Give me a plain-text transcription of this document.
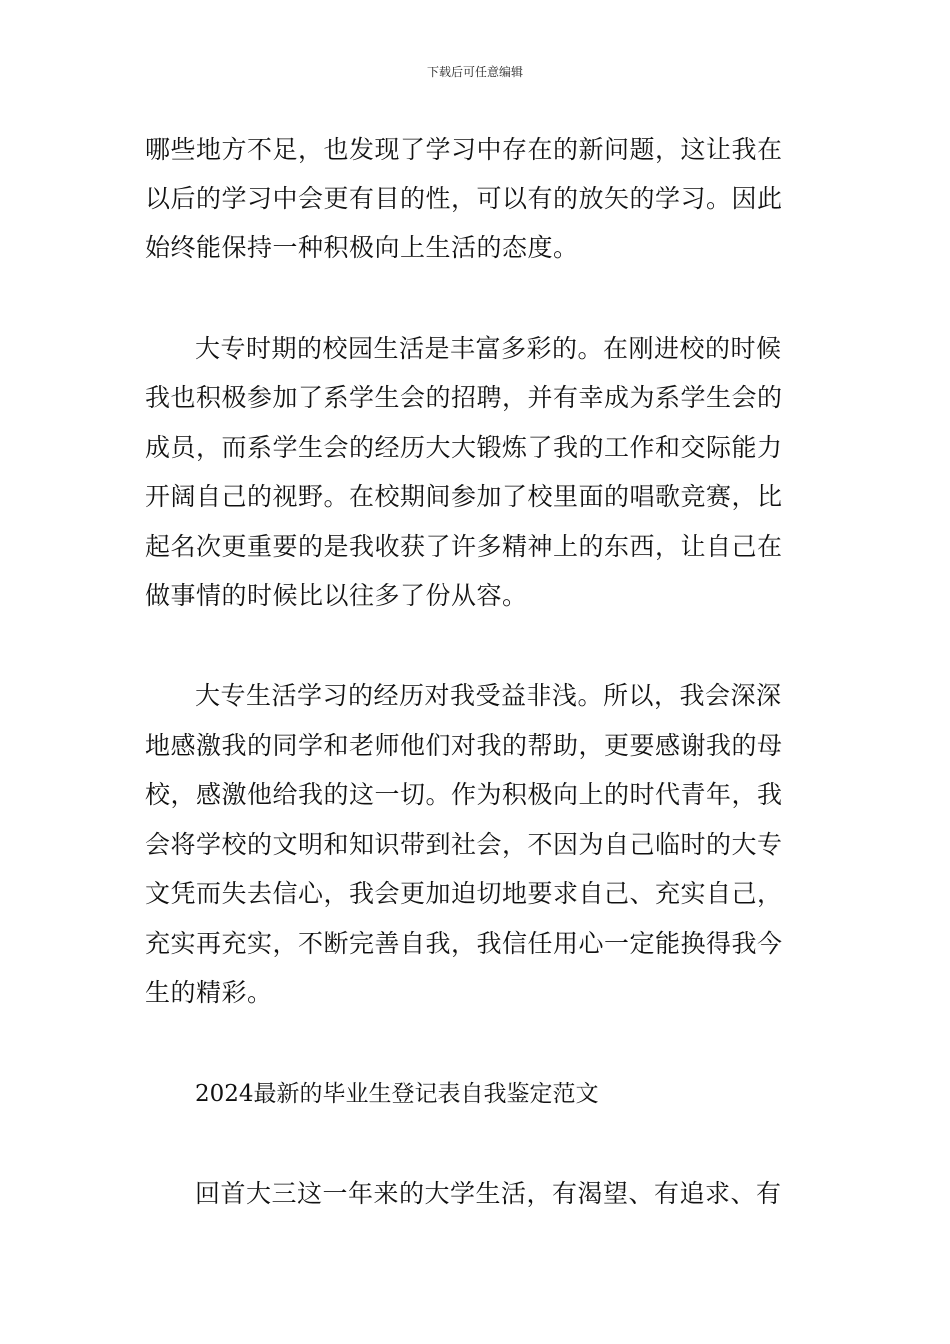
下载后可任意编辑
哪些地方不足，也发现了学习中存在的新问题，这让我在
以后的学习中会更有目的性，可以有的放矢的学习。因此
始终能保持一种积极向上生活的态度。
大专时期的校园生活是丰富多彩的。在刚进校的时候
我也积极参加了系学生会的招聘，并有幸成为系学生会的
成员，而系学生会的经历大大锻炼了我的工作和交际能力
开阔自己的视野。在校期间参加了校里面的唱歌竞赛，比
起名次更重要的是我收获了许多精神上的东西，让自己在
做事情的时候比以往多了份从容。
大专生活学习的经历对我受益非浅。所以，我会深深
地感激我的同学和老师他们对我的帮助，更要感谢我的母
校，感激他给我的这一切。作为积极向上的时代青年，我
会将学校的文明和知识带到社会，不因为自己临时的大专
文凭而失去信心，我会更加迫切地要求自己、充实自己，
充实再充实，不断完善自我，我信任用心一定能换得我今
生的精彩。
2024最新的毕业生登记表自我鉴定范文
回首大三这一年来的大学生活，有渴望、有追求、有
